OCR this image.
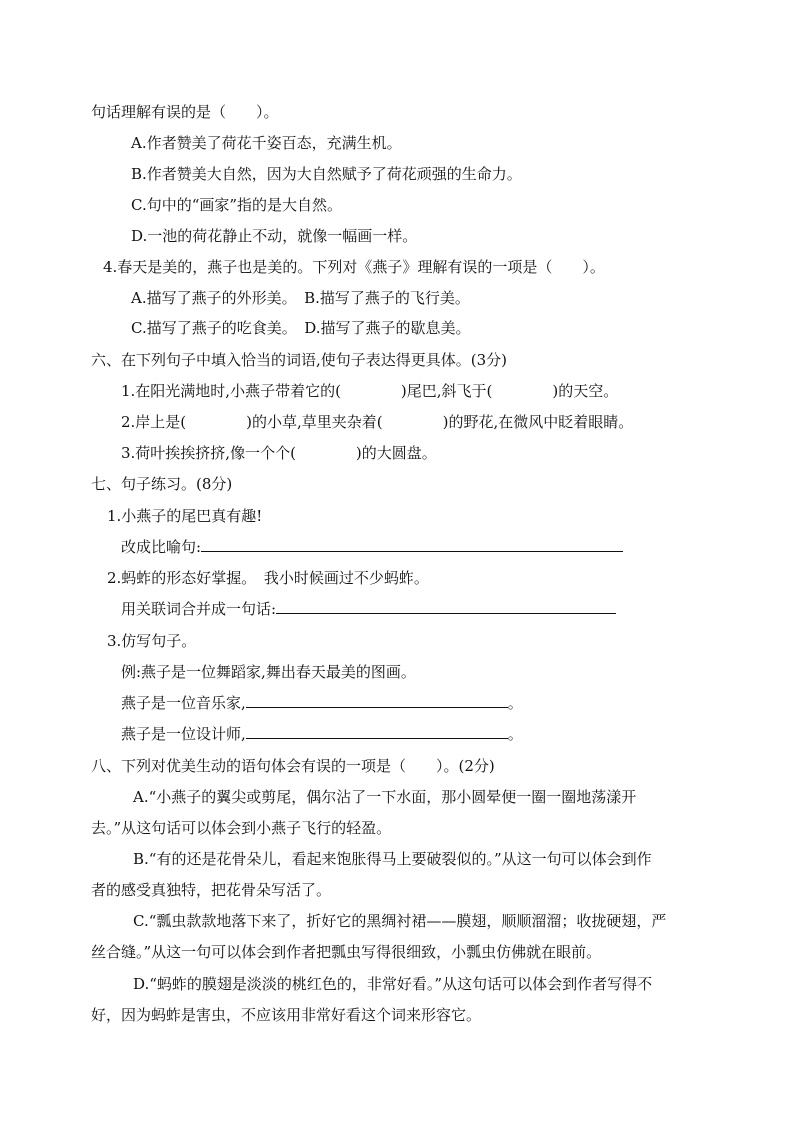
句话理解有误的是（　　）。
A.作者赞美了荷花千姿百态，充满生机。
B.作者赞美大自然，因为大自然赋予了荷花顽强的生命力。
C.句中的“画家”指的是大自然。
D.一池的荷花静止不动，就像一幅画一样。
4.春天是美的，燕子也是美的。下列对《燕子》理解有误的一项是（　　）。
A.描写了燕子的外形美。　B.描写了燕子的飞行美。
C.描写了燕子的吃食美。　D.描写了燕子的歇息美。
六、在下列句子中填入恰当的词语,使句子表达得更具体。(3分)
1.在阳光满地时,小燕子带着它的(　　　　)尾巴,斜飞于(　　　　)的天空。
2.岸上是(　　　　)的小草,草里夹杂着(　　　　)的野花,在微风中眨着眼睛。
3.荷叶挨挨挤挤,像一个个(　　　　)的大圆盘。
七、句子练习。(8分)
1.小燕子的尾巴真有趣!
改成比喻句:
2.蚂蚱的形态好掌握。　我小时候画过不少蚂蚱。
用关联词合并成一句话:
3.仿写句子。
例:燕子是一位舞蹈家,舞出春天最美的图画。
燕子是一位音乐家,	。
燕子是一位设计师,	。
八、下列对优美生动的语句体会有误的一项是（　　）。(2分)
A.“小燕子的翼尖或剪尾，偶尔沾了一下水面，那小圆晕便一圈一圈地荡漾开
去。”从这句话可以体会到小燕子飞行的轻盈。
B.“有的还是花骨朵儿，看起来饱胀得马上要破裂似的。”从这一句可以体会到作
者的感受真独特，把花骨朵写活了。
C.“瓢虫款款地落下来了，折好它的黑绸衬裙——膜翅，顺顺溜溜；收拢硬翅，严
丝合缝。”从这一句可以体会到作者把瓢虫写得很细致，小瓢虫仿佛就在眼前。
D.“蚂蚱的膜翅是淡淡的桃红色的，非常好看。”从这句话可以体会到作者写得不
好，因为蚂蚱是害虫，不应该用非常好看这个词来形容它。
